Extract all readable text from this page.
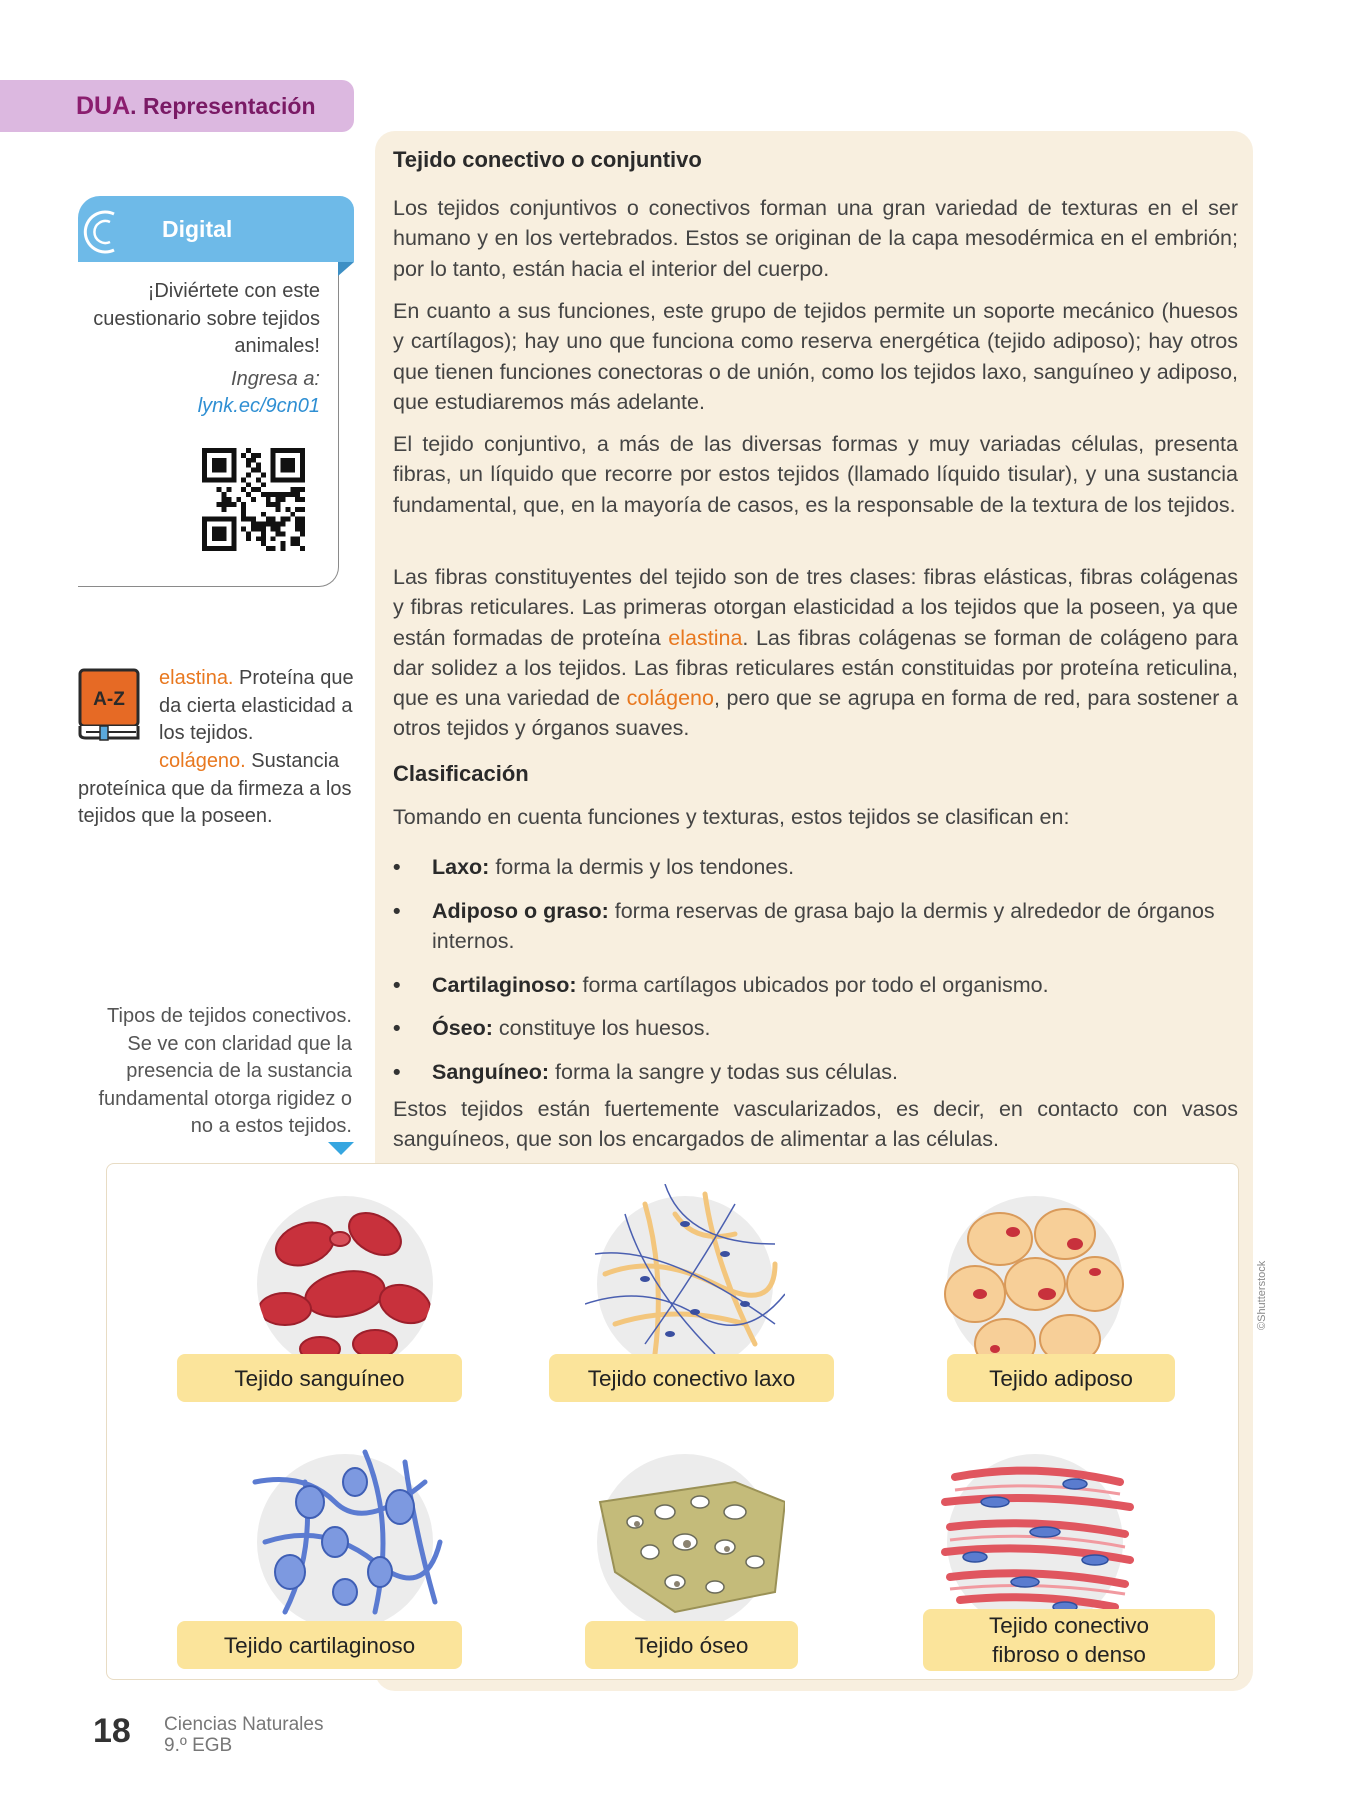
DUA. Representación
Tejido conectivo o conjuntivo
Los tejidos conjuntivos o conectivos forman una gran variedad de texturas en el ser humano y en los vertebrados. Estos se originan de la capa mesodérmica en el embrión; por lo tanto, están hacia el interior del cuerpo.
En cuanto a sus funciones, este grupo de tejidos permite un soporte mecánico (huesos y cartílagos); hay uno que funciona como reserva energética (tejido adiposo); hay otros que tienen funciones conectoras o de unión, como los tejidos laxo, sanguíneo y adiposo, que estudiaremos más adelante.
El tejido conjuntivo, a más de las diversas formas y muy variadas células, presenta fibras, un líquido que recorre por estos tejidos (llamado líquido tisular), y una sustancia fundamental, que, en la mayoría de casos, es la responsable de la textura de los tejidos.
Las fibras constituyentes del tejido son de tres clases: fibras elásticas, fibras colágenas y fibras reticulares. Las primeras otorgan elasticidad a los tejidos que la poseen, ya que están formadas de proteína elastina. Las fibras colágenas se forman de colágeno para dar solidez a los tejidos. Las fibras reticulares están constituidas por proteína reticulina, que es una variedad de colágeno, pero que se agrupa en forma de red, para sostener a otros tejidos y órganos suaves.
Clasificación
Tomando en cuenta funciones y texturas, estos tejidos se clasifican en:
• Laxo: forma la dermis y los tendones.
• Adiposo o graso: forma reservas de grasa bajo la dermis y alrededor de órganos internos.
• Cartilaginoso: forma cartílagos ubicados por todo el organismo.
• Óseo: constituye los huesos.
• Sanguíneo: forma la sangre y todas sus células.
Estos tejidos están fuertemente vascularizados, es decir, en contacto con vasos sanguíneos, que son los encargados de alimentar a las células.
Digital
¡Diviértete con este cuestionario sobre tejidos animales!
Ingresa a:
lynk.ec/9cn01
A-Z
elastina. Proteína que da cierta elasticidad a los tejidos.
colágeno. Sustancia proteínica que da firmeza a los tejidos que la poseen.
Tipos de tejidos conectivos. Se ve con claridad que la presencia de la sustancia fundamental otorga rigidez o no a estos tejidos.
Tejido sanguíneo	Tejido conectivo laxo	Tejido adiposo
Tejido cartilaginoso	Tejido óseo
Tejido conectivo fibroso o denso
©Shutterstock
18 Ciencias Naturales
9.º EGB
